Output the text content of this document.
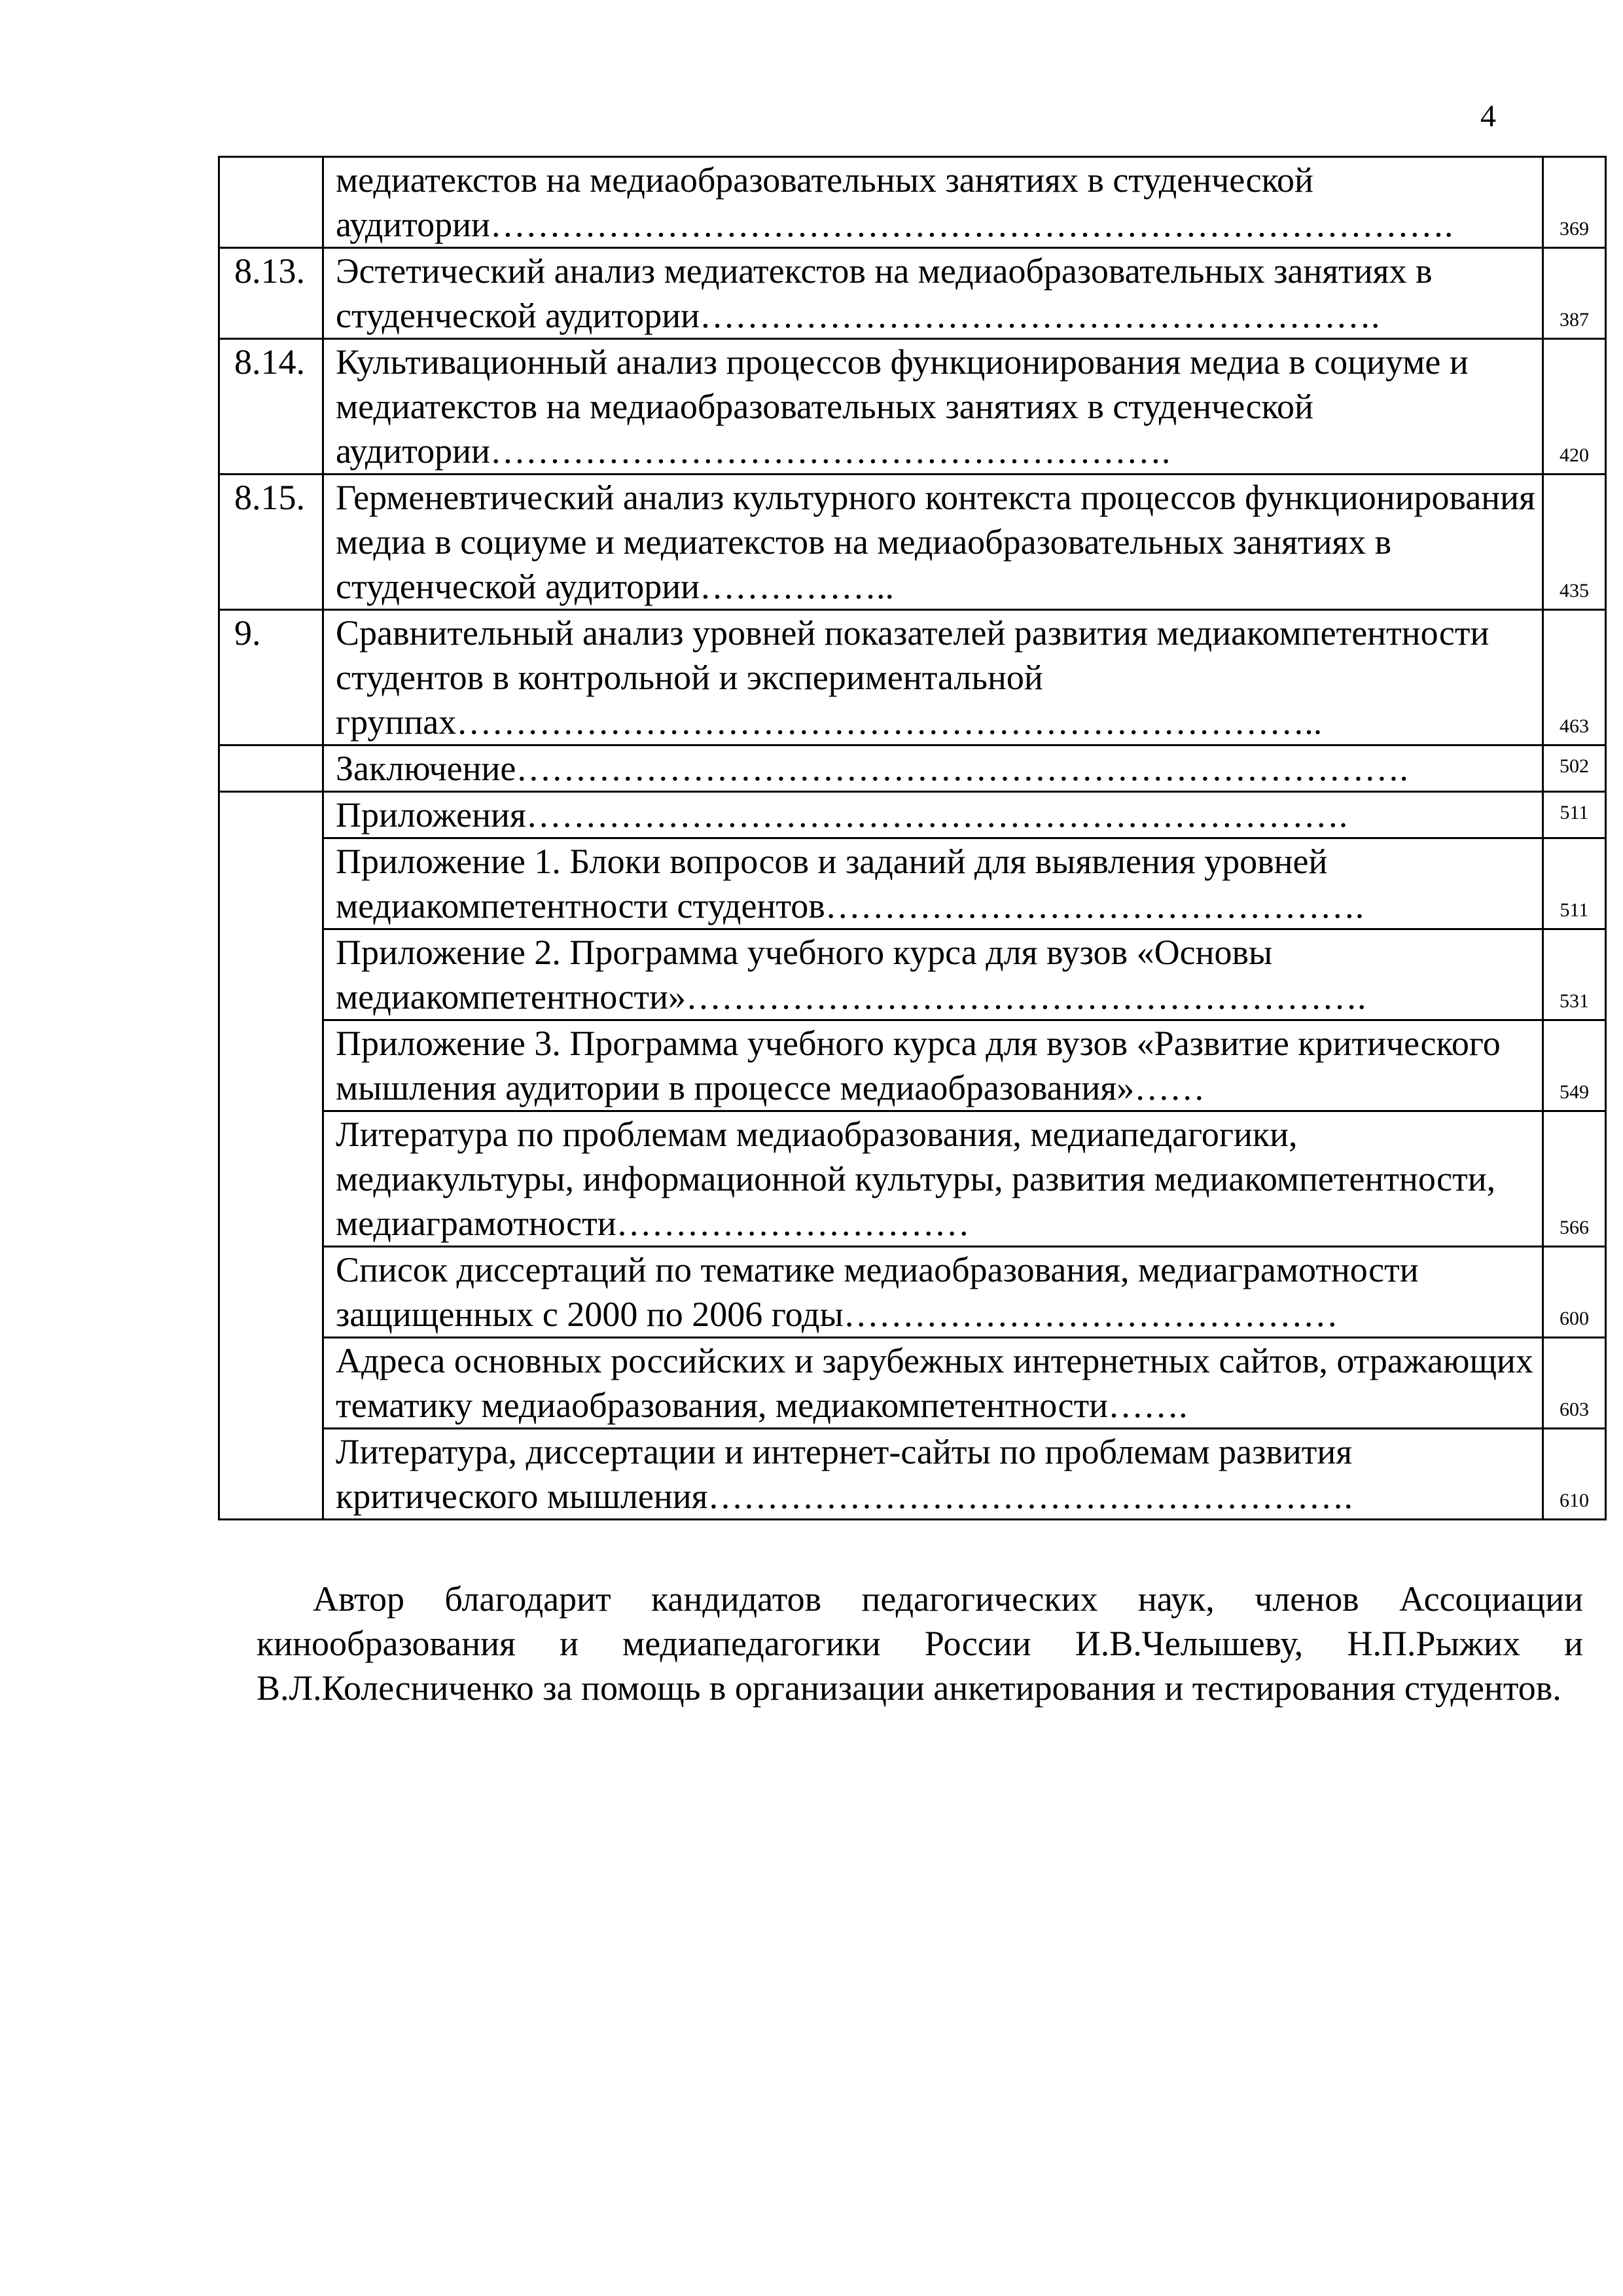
4
	медиатекстов на медиаобразовательных занятиях в студенческой аудитории……………………………………………………………………….	369
8.13.	Эстетический анализ медиатекстов на медиаобразовательных занятиях в студенческой аудитории………………………………………………….	387
8.14.	Культивационный анализ процессов функционирования медиа в социуме и медиатекстов на медиаобразовательных занятиях в студенческой аудитории………………………………………………….	420
8.15.	Герменевтический анализ культурного контекста процессов функционирования медиа в социуме и медиатекстов на медиаобразовательных занятиях в студенческой аудитории……………..	435
9.	Сравнительный анализ уровней показателей развития медиакомпетентности студентов в контрольной и экспериментальной группах………………………………………………………………..	463
	Заключение………………………………………………………………….	502
	Приложения…………………………………………………………….	511
	Приложение 1. Блоки вопросов и заданий для выявления уровней медиакомпетентности студентов……………………………………….	511
	Приложение 2. Программа учебного курса для вузов «Основы медиакомпетентности»………………………………………………….	531
	Приложение 3. Программа учебного курса для вузов «Развитие критического мышления аудитории в процессе медиаобразования»……	549
	Литература по проблемам медиаобразования, медиапедагогики, медиакультуры, информационной культуры, развития медиакомпетентности, медиаграмотности…………………………	566
	Список диссертаций по тематике медиаобразования, медиаграмотности защищенных с 2000 по 2006 годы……………………………………	600
	Адреса основных российских и зарубежных интернетных сайтов, отражающих тематику медиаобразования, медиакомпетентности…….	603
	Литература, диссертации и интернет-сайты по проблемам развития критического мышления……………………………………………….	610

Автор благодарит кандидатов педагогических наук, членов Ассоциации кинообразования и медиапедагогики России И.В.Челышеву, Н.П.Рыжих и В.Л.Колесниченко за помощь в организации анкетирования и тестирования студентов.
